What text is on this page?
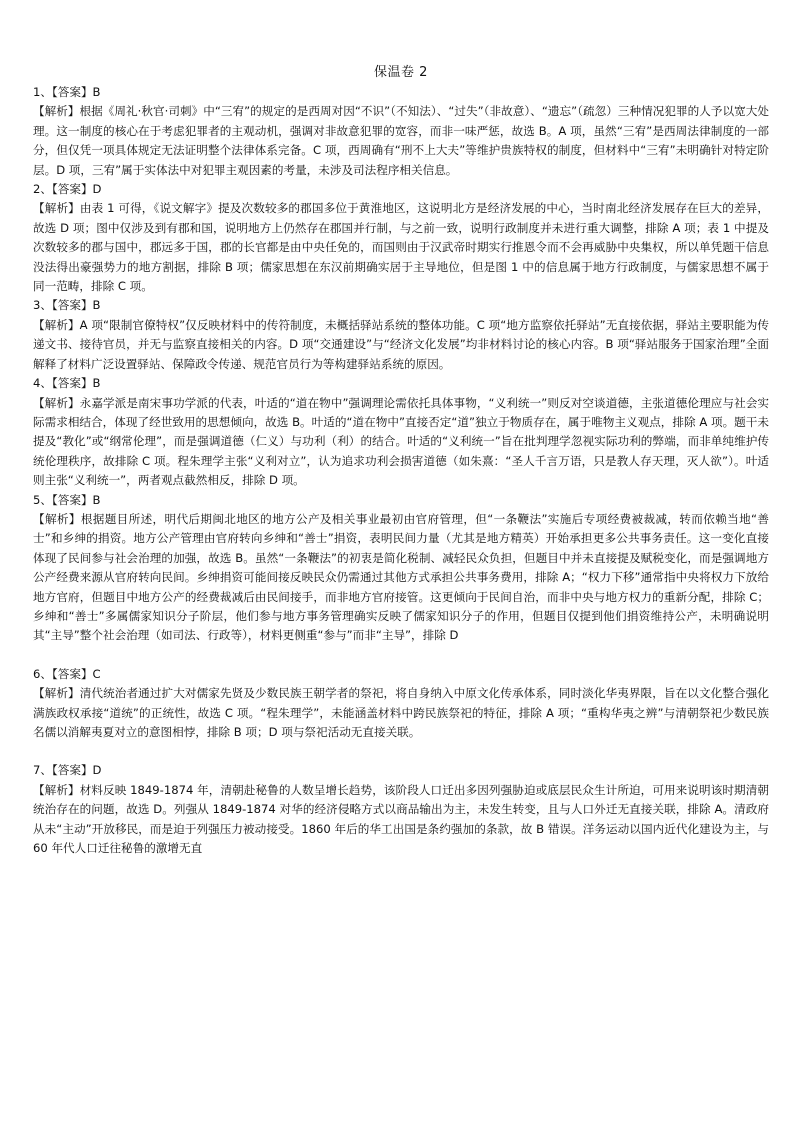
保温卷 2
1、【答案】B
【解析】根据《周礼·秋官·司刺》中“三宥”的规定的是西周对因“不识”（不知法）、“过失”（非故意）、“遗忘”（疏忽）三种情况犯罪的人予以宽大处理。这一制度的核心在于考虑犯罪者的主观动机，强调对非故意犯罪的宽容，而非一味严惩，故选 B。A 项，虽然“三宥”是西周法律制度的一部分，但仅凭一项具体规定无法证明整个法律体系完备。C 项，西周确有“刑不上大夫”等维护贵族特权的制度，但材料中“三宥”未明确针对特定阶层。D 项，三宥”属于实体法中对犯罪主观因素的考量，未涉及司法程序相关信息。
2、【答案】D
【解析】由表 1 可得，《说文解字》提及次数较多的郡国多位于黄淮地区，这说明北方是经济发展的中心，当时南北经济发展存在巨大的差异，故选 D 项；图中仅涉及到有郡和国，说明地方上仍然存在郡国并行制，与之前一致，说明行政制度并未进行重大调整，排除 A 项；表 1 中提及次数较多的郡与国中，郡远多于国，郡的长官都是由中央任免的，而国则由于汉武帝时期实行推恩令而不会再威胁中央集权，所以单凭题干信息没法得出豪强势力的地方割据，排除 B 项；儒家思想在东汉前期确实居于主导地位，但是图 1 中的信息属于地方行政制度，与儒家思想不属于同一范畴，排除 C 项。
3、【答案】B
【解析】A 项“限制官僚特权”仅反映材料中的传符制度，未概括驿站系统的整体功能。C 项“地方监察依托驿站”无直接依据，驿站主要职能为传递文书、接待官员，并无与监察直接相关的内容。D 项“交通建设”与“经济文化发展”均非材料讨论的核心内容。B 项“驿站服务于国家治理”全面解释了材料广泛设置驿站、保障政令传递、规范官员行为等构建驿站系统的原因。
4、【答案】B
【解析】永嘉学派是南宋事功学派的代表，叶适的“道在物中”强调理论需依托具体事物，“义利统一”则反对空谈道德，主张道德伦理应与社会实际需求相结合，体现了经世致用的思想倾向，故选 B。叶适的“道在物中”直接否定“道”独立于物质存在，属于唯物主义观点，排除 A 项。题干未提及“教化”或“纲常伦理”，而是强调道德（仁义）与功利（利）的结合。叶适的“义利统一”旨在批判理学忽视实际功利的弊端，而非单纯维护传统伦理秩序，故排除 C 项。程朱理学主张“义利对立”，认为追求功利会损害道德（如朱熹：“圣人千言万语，只是教人存天理，灭人欲”）。叶适则主张“义利统一”，两者观点截然相反，排除 D 项。
5、【答案】B
【解析】根据题目所述，明代后期闽北地区的地方公产及相关事业最初由官府管理，但“一条鞭法”实施后专项经费被裁减，转而依赖当地“善士”和乡绅的捐资。地方公产管理由官府转向乡绅和“善士”捐资，表明民间力量（尤其是地方精英）开始承担更多公共事务责任。这一变化直接体现了民间参与社会治理的加强，故选 B。虽然“一条鞭法”的初衷是简化税制、减轻民众负担，但题目中并未直接提及赋税变化，而是强调地方公产经费来源从官府转向民间。乡绅捐资可能间接反映民众仍需通过其他方式承担公共事务费用，排除 A；“权力下移”通常指中央将权力下放给地方官府，但题目中地方公产的经费裁减后由民间接手，而非地方官府接管。这更倾向于民间自治，而非中央与地方权力的重新分配，排除 C；乡绅和“善士”多属儒家知识分子阶层，他们参与地方事务管理确实反映了儒家知识分子的作用，但题目仅提到他们捐资维持公产，未明确说明其“主导”整个社会治理（如司法、行政等），材料更侧重“参与”而非“主导”，排除 D
6、【答案】C
【解析】清代统治者通过扩大对儒家先贤及少数民族王朝学者的祭祀，将自身纳入中原文化传承体系，同时淡化华夷界限，旨在以文化整合强化满族政权承接“道统”的正统性，故选 C 项。“程朱理学”，未能涵盖材料中跨民族祭祀的特征，排除 A 项；“重构华夷之辨”与清朝祭祀少数民族名儒以消解夷夏对立的意图相悖，排除 B 项；D 项与祭祀活动无直接关联。
7、【答案】D
【解析】材料反映 1849-1874 年，清朝赴秘鲁的人数呈增长趋势，该阶段人口迁出多因列强胁迫或底层民众生计所迫，可用来说明该时期清朝统治存在的问题，故选 D。列强从 1849-1874 对华的经济侵略方式以商品输出为主，未发生转变，且与人口外迁无直接关联，排除 A。清政府从未“主动”开放移民，而是迫于列强压力被动接受。1860 年后的华工出国是条约强加的条款，故 B 错误。洋务运动以国内近代化建设为主，与 60 年代人口迁往秘鲁的激增无直
